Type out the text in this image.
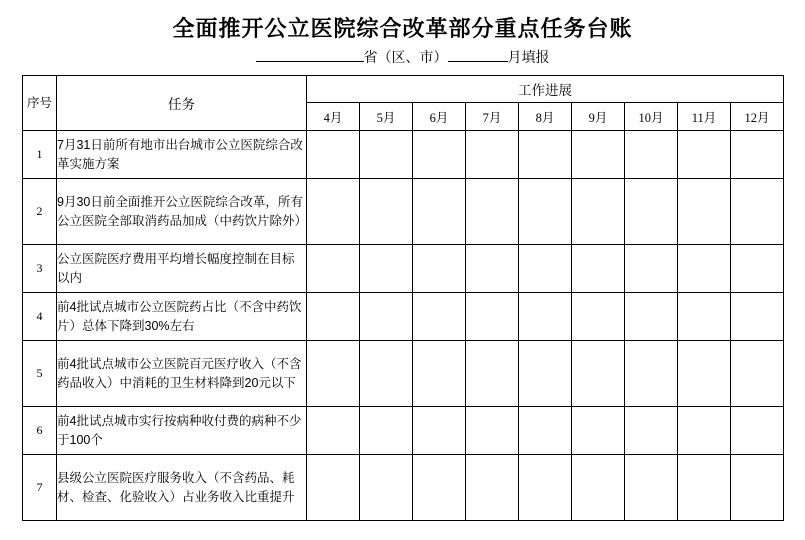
全面推开公立医院综合改革部分重点任务台账
省（区、市）	月填报
序号	任务	工作进展								
		4月	5月	6月	7月	8月	9月	10月	11月	12月
1	7月31日前所有地市出台城市公立医院综合改革实施方案									
2	9月30日前全面推开公立医院综合改革，所有公立医院全部取消药品加成（中药饮片除外）									
3	公立医院医疗费用平均增长幅度控制在目标以内									
4	前4批试点城市公立医院药占比（不含中药饮片）总体下降到30%左右									
5	前4批试点城市公立医院百元医疗收入（不含药品收入）中消耗的卫生材料降到20元以下									
6	前4批试点城市实行按病种收付费的病种不少于100个									
7	县级公立医院医疗服务收入（不含药品、耗材、检查、化验收入）占业务收入比重提升									
